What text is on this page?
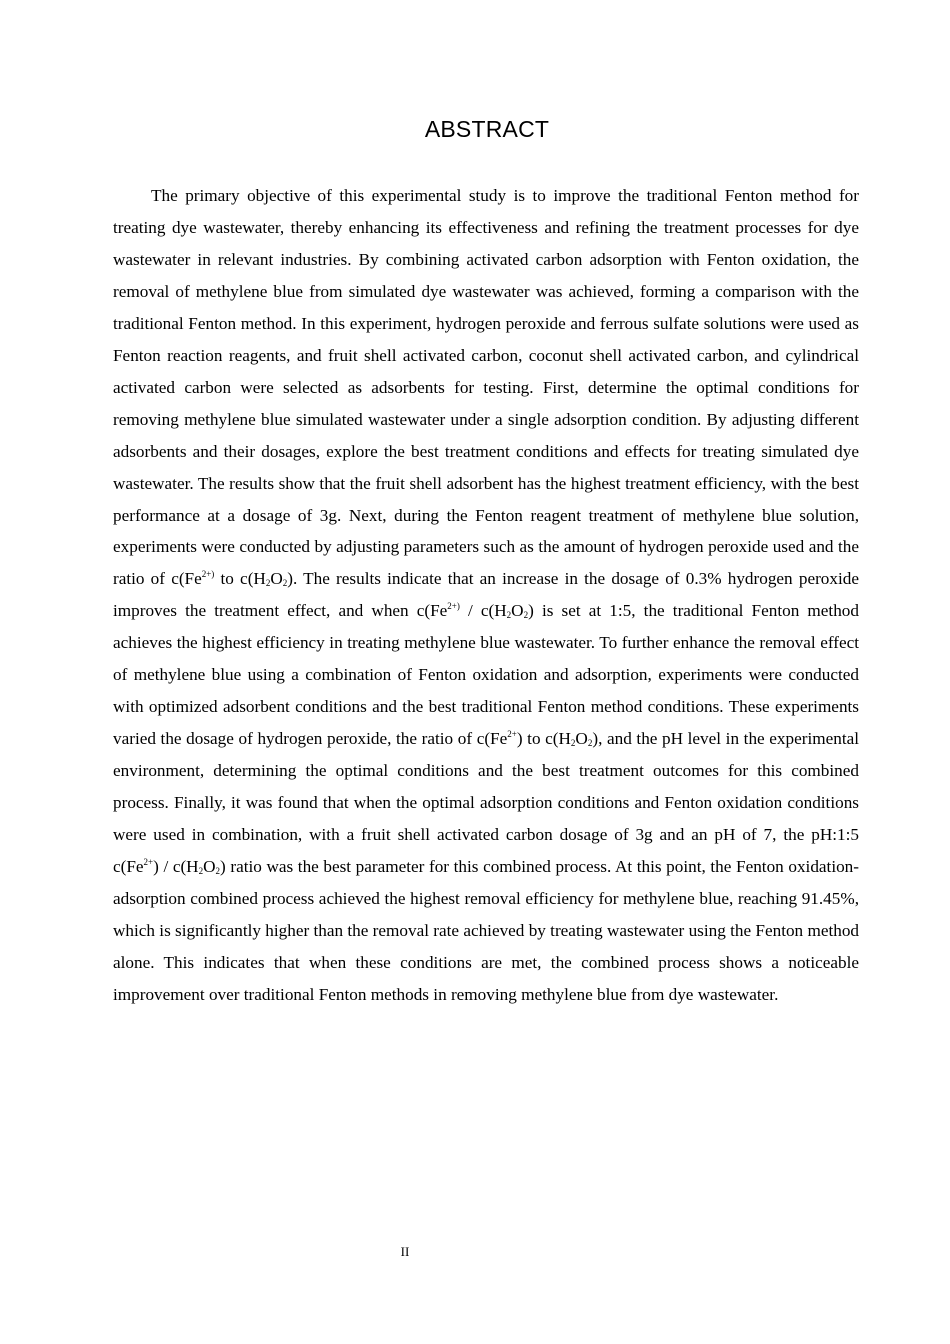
ABSTRACT

The primary objective of this experimental study is to improve the traditional Fenton method for treating dye wastewater, thereby enhancing its effectiveness and refining the treatment processes for dye wastewater in relevant industries. By combining activated carbon adsorption with Fenton oxidation, the removal of methylene blue from simulated dye wastewater was achieved, forming a comparison with the traditional Fenton method. In this experiment, hydrogen peroxide and ferrous sulfate solutions were used as Fenton reaction reagents, and fruit shell activated carbon, coconut shell activated carbon, and cylindrical activated carbon were selected as adsorbents for testing. First, determine the optimal conditions for removing methylene blue simulated wastewater under a single adsorption condition. By adjusting different adsorbents and their dosages, explore the best treatment conditions and effects for treating simulated dye wastewater. The results show that the fruit shell adsorbent has the highest treatment efficiency, with the best performance at a dosage of 3g. Next, during the Fenton reagent treatment of methylene blue solution, experiments were conducted by adjusting parameters such as the amount of hydrogen peroxide used and the ratio of $c(Fe^{2+)}$ to $c(H_2O_2)$. The results indicate that an increase in the dosage of 0.3% hydrogen peroxide improves the treatment effect, and when $c(Fe^{2+)} / c(H_2O_2)$ is set at 1:5, the traditional Fenton method achieves the highest efficiency in treating methylene blue wastewater. To further enhance the removal effect of methylene blue using a combination of Fenton oxidation and adsorption, experiments were conducted with optimized adsorbent conditions and the best traditional Fenton method conditions. These experiments varied the dosage of hydrogen peroxide, the ratio of $c(Fe^{2+})$ to $c(H_2O_2)$, and the pH level in the experimental environment, determining the optimal conditions and the best treatment outcomes for this combined process. Finally, it was found that when the optimal adsorption conditions and Fenton oxidation conditions were used in combination, with a fruit shell activated carbon dosage of 3g and an pH of 7, the pH:1:5 $c(Fe^{2+}) / c(H_2O_2)$ ratio was the best parameter for this combined process. At this point, the Fenton oxidation-adsorption combined process achieved the highest removal efficiency for methylene blue, reaching 91.45%, which is significantly higher than the removal rate achieved by treating wastewater using the Fenton method alone. This indicates that when these conditions are met, the combined process shows a noticeable improvement over traditional Fenton methods in removing methylene blue from dye wastewater.

II
